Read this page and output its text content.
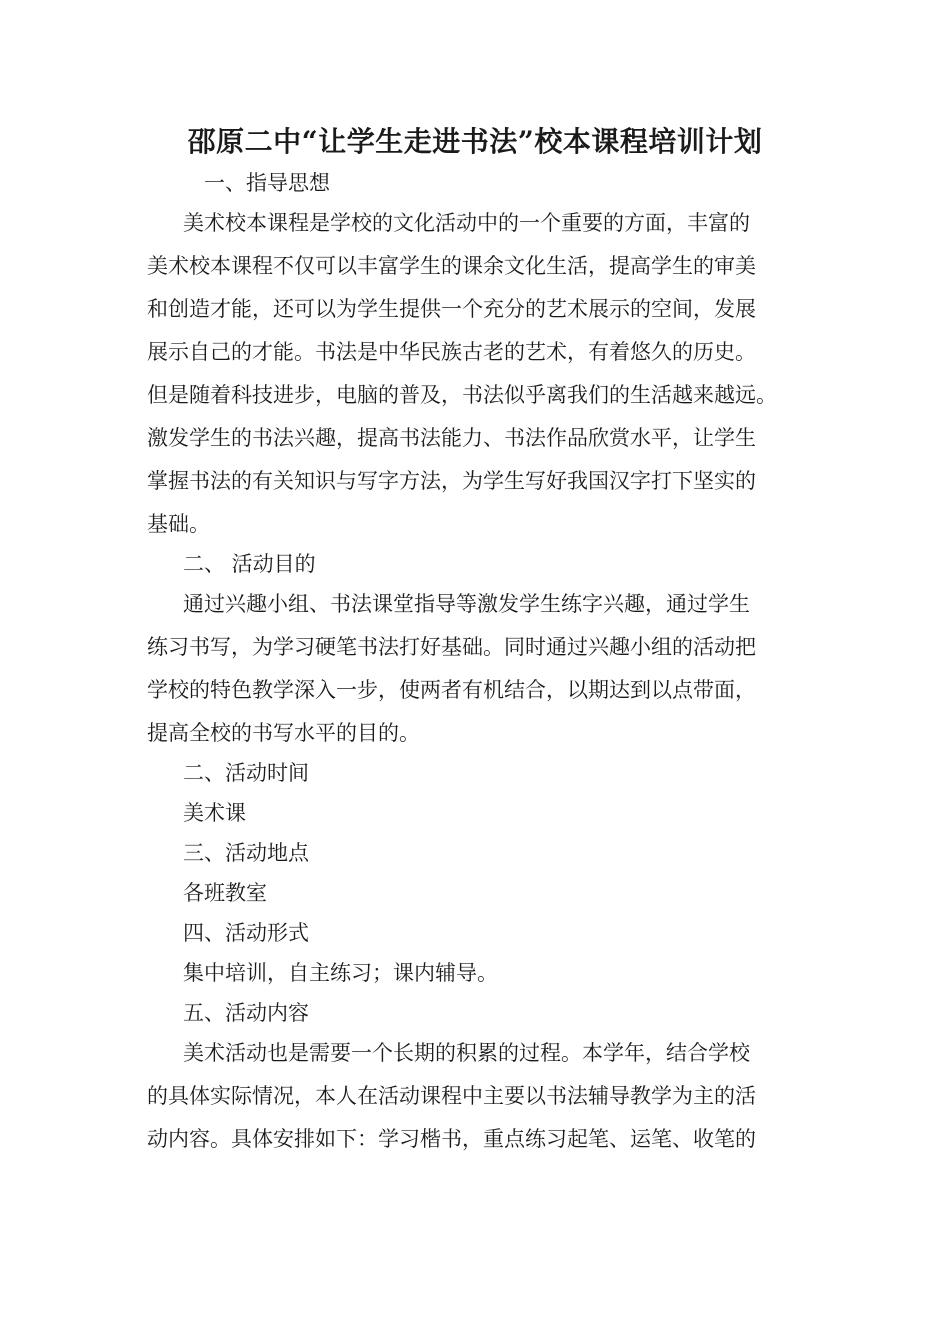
邵原二中“让学生走进书法”校本课程培训计划
一、指导思想
美术校本课程是学校的文化活动中的一个重要的方面，丰富的
美术校本课程不仅可以丰富学生的课余文化生活，提高学生的审美
和创造才能，还可以为学生提供一个充分的艺术展示的空间，发展
展示自己的才能。书法是中华民族古老的艺术，有着悠久的历史。
但是随着科技进步，电脑的普及，书法似乎离我们的生活越来越远。
激发学生的书法兴趣，提高书法能力、书法作品欣赏水平，让学生
掌握书法的有关知识与写字方法，为学生写好我国汉字打下坚实的
基础。
二、 活动目的
通过兴趣小组、书法课堂指导等激发学生练字兴趣，通过学生
练习书写，为学习硬笔书法打好基础。同时通过兴趣小组的活动把
学校的特色教学深入一步，使两者有机结合，以期达到以点带面，
提高全校的书写水平的目的。
二、活动时间
美术课
三、活动地点
各班教室
四、活动形式
集中培训，自主练习；课内辅导。
五、活动内容
美术活动也是需要一个长期的积累的过程。本学年，结合学校
的具体实际情况，本人在活动课程中主要以书法辅导教学为主的活
动内容。具体安排如下：学习楷书，重点练习起笔、运笔、收笔的
